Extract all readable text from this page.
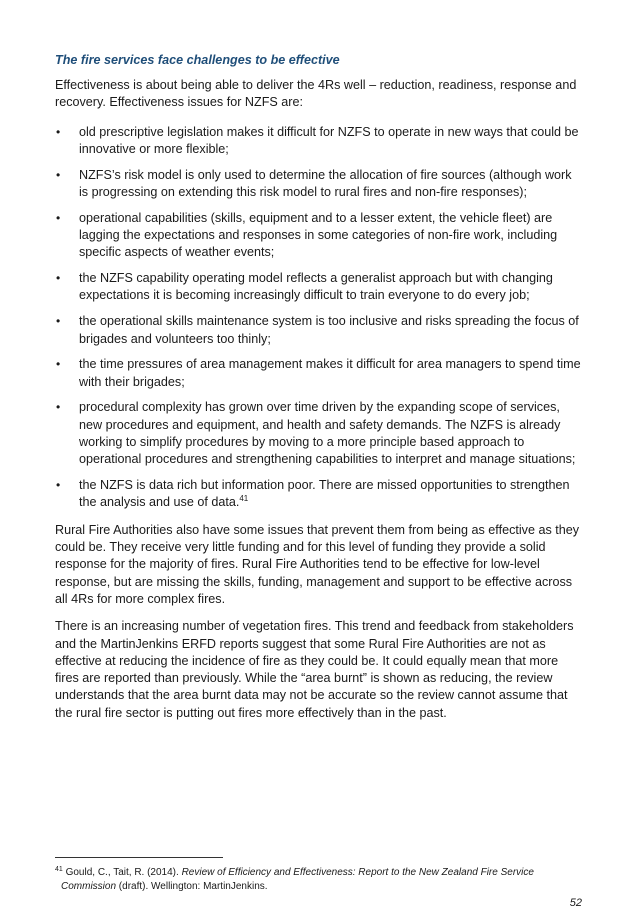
The fire services face challenges to be effective

Effectiveness is about being able to deliver the 4Rs well – reduction, readiness, response and recovery. Effectiveness issues for NZFS are:

• old prescriptive legislation makes it difficult for NZFS to operate in new ways that could be innovative or more flexible;
• NZFS’s risk model is only used to determine the allocation of fire sources (although work is progressing on extending this risk model to rural fires and non-fire responses);
• operational capabilities (skills, equipment and to a lesser extent, the vehicle fleet) are lagging the expectations and responses in some categories of non-fire work, including specific aspects of weather events;
• the NZFS capability operating model reflects a generalist approach but with changing expectations it is becoming increasingly difficult to train everyone to do every job;
• the operational skills maintenance system is too inclusive and risks spreading the focus of brigades and volunteers too thinly;
• the time pressures of area management makes it difficult for area managers to spend time with their brigades;
• procedural complexity has grown over time driven by the expanding scope of services, new procedures and equipment, and health and safety demands. The NZFS is already working to simplify procedures by moving to a more principle based approach to operational procedures and strengthening capabilities to interpret and manage situations;
• the NZFS is data rich but information poor. There are missed opportunities to strengthen the analysis and use of data.$^{41}$

Rural Fire Authorities also have some issues that prevent them from being as effective as they could be. They receive very little funding and for this level of funding they provide a solid response for the majority of fires. Rural Fire Authorities tend to be effective for low-level response, but are missing the skills, funding, management and support to be effective across all 4Rs for more complex fires.

There is an increasing number of vegetation fires. This trend and feedback from stakeholders and the MartinJenkins ERFD reports suggest that some Rural Fire Authorities are not as effective at reducing the incidence of fire as they could be. It could equally mean that more fires are reported than previously. While the “area burnt” is shown as reducing, the review understands that the area burnt data may not be accurate so the review cannot assume that the rural fire sector is putting out fires more effectively than in the past.

$^{41}$ Gould, C., Tait, R. (2014). Review of Efficiency and Effectiveness: Report to the New Zealand Fire Service
Commission (draft). Wellington: MartinJenkins.
52
